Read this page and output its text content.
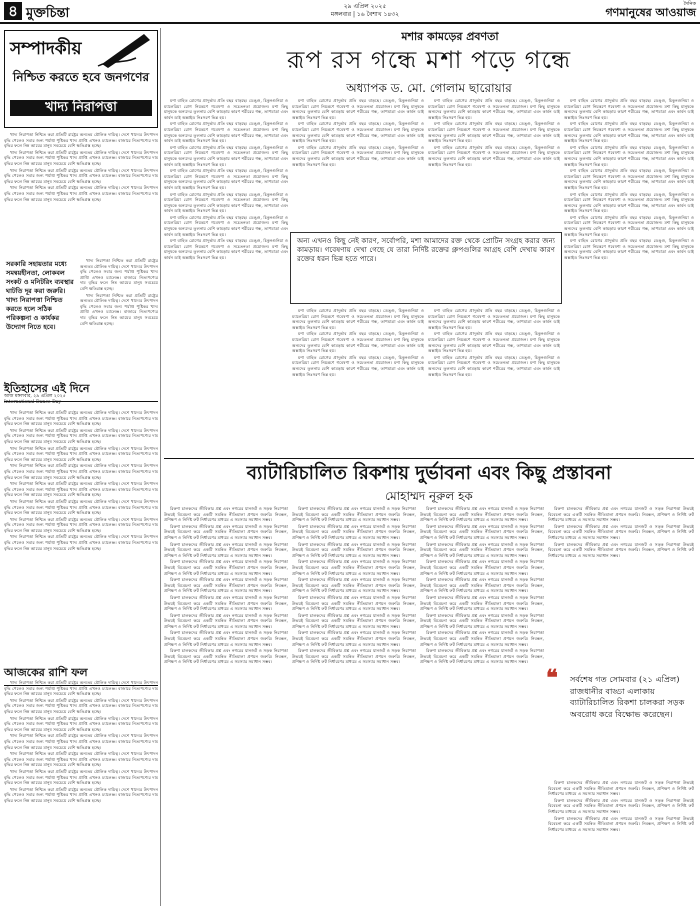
৪ মুক্তচিন্তা	২৯ এপ্রিল ২০২৫
মঙ্গলবার | ১৬ বৈশাখ ১৪৩২
দৈনিক
গণমানুষের আওয়াজ
সম্পাদকীয়
নিশ্চিত করতে হবে জনগণের
খাদ্য নিরাপত্তা

খাদ্য নিরাপত্তা নিশ্চিত করা প্রতিটি রাষ্ট্রের অন্যতম মৌলিক দায়িত্ব। দেশে খাদ্যের উৎপাদন বৃদ্ধি পেলেও সবার জন্য পর্যাপ্ত পুষ্টিকর খাদ্য প্রাপ্তি এখনও চ্যালেঞ্জ। বাজারে নিত্যপণ্যের দাম বৃদ্ধির ফলে নিম্ন আয়ের মানুষ সবচেয়ে বেশি ক্ষতিগ্রস্ত হচ্ছে।

খাদ্য নিরাপত্তা নিশ্চিত করা প্রতিটি রাষ্ট্রের অন্যতম মৌলিক দায়িত্ব। দেশে খাদ্যের উৎপাদন বৃদ্ধি পেলেও সবার জন্য পর্যাপ্ত পুষ্টিকর খাদ্য প্রাপ্তি এখনও চ্যালেঞ্জ। বাজারে নিত্যপণ্যের দাম বৃদ্ধির ফলে নিম্ন আয়ের মানুষ সবচেয়ে বেশি ক্ষতিগ্রস্ত হচ্ছে।

খাদ্য নিরাপত্তা নিশ্চিত করা প্রতিটি রাষ্ট্রের অন্যতম মৌলিক দায়িত্ব। দেশে খাদ্যের উৎপাদন বৃদ্ধি পেলেও সবার জন্য পর্যাপ্ত পুষ্টিকর খাদ্য প্রাপ্তি এখনও চ্যালেঞ্জ। বাজারে নিত্যপণ্যের দাম বৃদ্ধির ফলে নিম্ন আয়ের মানুষ সবচেয়ে বেশি ক্ষতিগ্রস্ত হচ্ছে।

খাদ্য নিরাপত্তা নিশ্চিত করা প্রতিটি রাষ্ট্রের অন্যতম মৌলিক দায়িত্ব। দেশে খাদ্যের উৎপাদন বৃদ্ধি পেলেও সবার জন্য পর্যাপ্ত পুষ্টিকর খাদ্য প্রাপ্তি এখনও চ্যালেঞ্জ। বাজারে নিত্যপণ্যের দাম বৃদ্ধির ফলে নিম্ন আয়ের মানুষ সবচেয়ে বেশি ক্ষতিগ্রস্ত হচ্ছে।

সরকারি সহায়তার মধ্যে সমন্বয়হীনতা, লোকবল সংকট ও মনিটরিং ব্যবস্থার ঘাটতি দূর করা জরুরি। খাদ্য নিরাপত্তা নিশ্চিত করতে হলে সঠিক পরিকল্পনা ও কার্যকর উদ্যোগ নিতে হবে।

খাদ্য নিরাপত্তা নিশ্চিত করা প্রতিটি রাষ্ট্রের অন্যতম মৌলিক দায়িত্ব। দেশে খাদ্যের উৎপাদন বৃদ্ধি পেলেও সবার জন্য পর্যাপ্ত পুষ্টিকর খাদ্য প্রাপ্তি এখনও চ্যালেঞ্জ। বাজারে নিত্যপণ্যের দাম বৃদ্ধির ফলে নিম্ন আয়ের মানুষ সবচেয়ে বেশি ক্ষতিগ্রস্ত হচ্ছে।

খাদ্য নিরাপত্তা নিশ্চিত করা প্রতিটি রাষ্ট্রের অন্যতম মৌলিক দায়িত্ব। দেশে খাদ্যের উৎপাদন বৃদ্ধি পেলেও সবার জন্য পর্যাপ্ত পুষ্টিকর খাদ্য প্রাপ্তি এখনও চ্যালেঞ্জ। বাজারে নিত্যপণ্যের দাম বৃদ্ধির ফলে নিম্ন আয়ের মানুষ সবচেয়ে বেশি ক্ষতিগ্রস্ত হচ্ছে।

ইতিহাসের এই দিনে
আজ মঙ্গলবার, ২৯ এপ্রিল ২০২৫
International Dance Day

খাদ্য নিরাপত্তা নিশ্চিত করা প্রতিটি রাষ্ট্রের অন্যতম মৌলিক দায়িত্ব। দেশে খাদ্যের উৎপাদন বৃদ্ধি পেলেও সবার জন্য পর্যাপ্ত পুষ্টিকর খাদ্য প্রাপ্তি এখনও চ্যালেঞ্জ। বাজারে নিত্যপণ্যের দাম বৃদ্ধির ফলে নিম্ন আয়ের মানুষ সবচেয়ে বেশি ক্ষতিগ্রস্ত হচ্ছে।

খাদ্য নিরাপত্তা নিশ্চিত করা প্রতিটি রাষ্ট্রের অন্যতম মৌলিক দায়িত্ব। দেশে খাদ্যের উৎপাদন বৃদ্ধি পেলেও সবার জন্য পর্যাপ্ত পুষ্টিকর খাদ্য প্রাপ্তি এখনও চ্যালেঞ্জ। বাজারে নিত্যপণ্যের দাম বৃদ্ধির ফলে নিম্ন আয়ের মানুষ সবচেয়ে বেশি ক্ষতিগ্রস্ত হচ্ছে।

খাদ্য নিরাপত্তা নিশ্চিত করা প্রতিটি রাষ্ট্রের অন্যতম মৌলিক দায়িত্ব। দেশে খাদ্যের উৎপাদন বৃদ্ধি পেলেও সবার জন্য পর্যাপ্ত পুষ্টিকর খাদ্য প্রাপ্তি এখনও চ্যালেঞ্জ। বাজারে নিত্যপণ্যের দাম বৃদ্ধির ফলে নিম্ন আয়ের মানুষ সবচেয়ে বেশি ক্ষতিগ্রস্ত হচ্ছে।

খাদ্য নিরাপত্তা নিশ্চিত করা প্রতিটি রাষ্ট্রের অন্যতম মৌলিক দায়িত্ব। দেশে খাদ্যের উৎপাদন বৃদ্ধি পেলেও সবার জন্য পর্যাপ্ত পুষ্টিকর খাদ্য প্রাপ্তি এখনও চ্যালেঞ্জ। বাজারে নিত্যপণ্যের দাম বৃদ্ধির ফলে নিম্ন আয়ের মানুষ সবচেয়ে বেশি ক্ষতিগ্রস্ত হচ্ছে।

খাদ্য নিরাপত্তা নিশ্চিত করা প্রতিটি রাষ্ট্রের অন্যতম মৌলিক দায়িত্ব। দেশে খাদ্যের উৎপাদন বৃদ্ধি পেলেও সবার জন্য পর্যাপ্ত পুষ্টিকর খাদ্য প্রাপ্তি এখনও চ্যালেঞ্জ। বাজারে নিত্যপণ্যের দাম বৃদ্ধির ফলে নিম্ন আয়ের মানুষ সবচেয়ে বেশি ক্ষতিগ্রস্ত হচ্ছে।

খাদ্য নিরাপত্তা নিশ্চিত করা প্রতিটি রাষ্ট্রের অন্যতম মৌলিক দায়িত্ব। দেশে খাদ্যের উৎপাদন বৃদ্ধি পেলেও সবার জন্য পর্যাপ্ত পুষ্টিকর খাদ্য প্রাপ্তি এখনও চ্যালেঞ্জ। বাজারে নিত্যপণ্যের দাম বৃদ্ধির ফলে নিম্ন আয়ের মানুষ সবচেয়ে বেশি ক্ষতিগ্রস্ত হচ্ছে।

খাদ্য নিরাপত্তা নিশ্চিত করা প্রতিটি রাষ্ট্রের অন্যতম মৌলিক দায়িত্ব। দেশে খাদ্যের উৎপাদন বৃদ্ধি পেলেও সবার জন্য পর্যাপ্ত পুষ্টিকর খাদ্য প্রাপ্তি এখনও চ্যালেঞ্জ। বাজারে নিত্যপণ্যের দাম বৃদ্ধির ফলে নিম্ন আয়ের মানুষ সবচেয়ে বেশি ক্ষতিগ্রস্ত হচ্ছে।

খাদ্য নিরাপত্তা নিশ্চিত করা প্রতিটি রাষ্ট্রের অন্যতম মৌলিক দায়িত্ব। দেশে খাদ্যের উৎপাদন বৃদ্ধি পেলেও সবার জন্য পর্যাপ্ত পুষ্টিকর খাদ্য প্রাপ্তি এখনও চ্যালেঞ্জ। বাজারে নিত্যপণ্যের দাম বৃদ্ধির ফলে নিম্ন আয়ের মানুষ সবচেয়ে বেশি ক্ষতিগ্রস্ত হচ্ছে।

আজকের রাশি ফল

খাদ্য নিরাপত্তা নিশ্চিত করা প্রতিটি রাষ্ট্রের অন্যতম মৌলিক দায়িত্ব। দেশে খাদ্যের উৎপাদন বৃদ্ধি পেলেও সবার জন্য পর্যাপ্ত পুষ্টিকর খাদ্য প্রাপ্তি এখনও চ্যালেঞ্জ। বাজারে নিত্যপণ্যের দাম বৃদ্ধির ফলে নিম্ন আয়ের মানুষ সবচেয়ে বেশি ক্ষতিগ্রস্ত হচ্ছে।

খাদ্য নিরাপত্তা নিশ্চিত করা প্রতিটি রাষ্ট্রের অন্যতম মৌলিক দায়িত্ব। দেশে খাদ্যের উৎপাদন বৃদ্ধি পেলেও সবার জন্য পর্যাপ্ত পুষ্টিকর খাদ্য প্রাপ্তি এখনও চ্যালেঞ্জ। বাজারে নিত্যপণ্যের দাম বৃদ্ধির ফলে নিম্ন আয়ের মানুষ সবচেয়ে বেশি ক্ষতিগ্রস্ত হচ্ছে।

খাদ্য নিরাপত্তা নিশ্চিত করা প্রতিটি রাষ্ট্রের অন্যতম মৌলিক দায়িত্ব। দেশে খাদ্যের উৎপাদন বৃদ্ধি পেলেও সবার জন্য পর্যাপ্ত পুষ্টিকর খাদ্য প্রাপ্তি এখনও চ্যালেঞ্জ। বাজারে নিত্যপণ্যের দাম বৃদ্ধির ফলে নিম্ন আয়ের মানুষ সবচেয়ে বেশি ক্ষতিগ্রস্ত হচ্ছে।

খাদ্য নিরাপত্তা নিশ্চিত করা প্রতিটি রাষ্ট্রের অন্যতম মৌলিক দায়িত্ব। দেশে খাদ্যের উৎপাদন বৃদ্ধি পেলেও সবার জন্য পর্যাপ্ত পুষ্টিকর খাদ্য প্রাপ্তি এখনও চ্যালেঞ্জ। বাজারে নিত্যপণ্যের দাম বৃদ্ধির ফলে নিম্ন আয়ের মানুষ সবচেয়ে বেশি ক্ষতিগ্রস্ত হচ্ছে।

খাদ্য নিরাপত্তা নিশ্চিত করা প্রতিটি রাষ্ট্রের অন্যতম মৌলিক দায়িত্ব। দেশে খাদ্যের উৎপাদন বৃদ্ধি পেলেও সবার জন্য পর্যাপ্ত পুষ্টিকর খাদ্য প্রাপ্তি এখনও চ্যালেঞ্জ। বাজারে নিত্যপণ্যের দাম বৃদ্ধির ফলে নিম্ন আয়ের মানুষ সবচেয়ে বেশি ক্ষতিগ্রস্ত হচ্ছে।

খাদ্য নিরাপত্তা নিশ্চিত করা প্রতিটি রাষ্ট্রের অন্যতম মৌলিক দায়িত্ব। দেশে খাদ্যের উৎপাদন বৃদ্ধি পেলেও সবার জন্য পর্যাপ্ত পুষ্টিকর খাদ্য প্রাপ্তি এখনও চ্যালেঞ্জ। বাজারে নিত্যপণ্যের দাম বৃদ্ধির ফলে নিম্ন আয়ের মানুষ সবচেয়ে বেশি ক্ষতিগ্রস্ত হচ্ছে।

খাদ্য নিরাপত্তা নিশ্চিত করা প্রতিটি রাষ্ট্রের অন্যতম মৌলিক দায়িত্ব। দেশে খাদ্যের উৎপাদন বৃদ্ধি পেলেও সবার জন্য পর্যাপ্ত পুষ্টিকর খাদ্য প্রাপ্তি এখনও চ্যালেঞ্জ। বাজারে নিত্যপণ্যের দাম বৃদ্ধির ফলে নিম্ন আয়ের মানুষ সবচেয়ে বেশি ক্ষতিগ্রস্ত হচ্ছে।

মশার কামড়ের প্রবণতা
রূপ রস গন্ধে মশা পড়ে গন্ধে
অধ্যাপক ড. মো. গোলাম ছারোয়ার

মশা বাহিত রোগের প্রাদুর্ভাব প্রতি বছর বাড়ছে। ডেঙ্গু, চিকুনগুনিয়া ও ম্যালেরিয়া রোগ নিয়ন্ত্রণে গবেষণা ও সচেতনতা প্রয়োজন। মশা কিছু মানুষকে অন্যদের তুলনায় বেশি কামড়ায় কারণ শরীরের গন্ধ, তাপমাত্রা এবং কার্বন ডাই অক্সাইড নিঃসরণ ভিন্ন হয়।

মশা বাহিত রোগের প্রাদুর্ভাব প্রতি বছর বাড়ছে। ডেঙ্গু, চিকুনগুনিয়া ও ম্যালেরিয়া রোগ নিয়ন্ত্রণে গবেষণা ও সচেতনতা প্রয়োজন। মশা কিছু মানুষকে অন্যদের তুলনায় বেশি কামড়ায় কারণ শরীরের গন্ধ, তাপমাত্রা এবং কার্বন ডাই অক্সাইড নিঃসরণ ভিন্ন হয়।

মশা বাহিত রোগের প্রাদুর্ভাব প্রতি বছর বাড়ছে। ডেঙ্গু, চিকুনগুনিয়া ও ম্যালেরিয়া রোগ নিয়ন্ত্রণে গবেষণা ও সচেতনতা প্রয়োজন। মশা কিছু মানুষকে অন্যদের তুলনায় বেশি কামড়ায় কারণ শরীরের গন্ধ, তাপমাত্রা এবং কার্বন ডাই অক্সাইড নিঃসরণ ভিন্ন হয়।

মশা বাহিত রোগের প্রাদুর্ভাব প্রতি বছর বাড়ছে। ডেঙ্গু, চিকুনগুনিয়া ও ম্যালেরিয়া রোগ নিয়ন্ত্রণে গবেষণা ও সচেতনতা প্রয়োজন। মশা কিছু মানুষকে অন্যদের তুলনায় বেশি কামড়ায় কারণ শরীরের গন্ধ, তাপমাত্রা এবং কার্বন ডাই অক্সাইড নিঃসরণ ভিন্ন হয়।

মশা বাহিত রোগের প্রাদুর্ভাব প্রতি বছর বাড়ছে। ডেঙ্গু, চিকুনগুনিয়া ও ম্যালেরিয়া রোগ নিয়ন্ত্রণে গবেষণা ও সচেতনতা প্রয়োজন। মশা কিছু মানুষকে অন্যদের তুলনায় বেশি কামড়ায় কারণ শরীরের গন্ধ, তাপমাত্রা এবং কার্বন ডাই অক্সাইড নিঃসরণ ভিন্ন হয়।

মশা বাহিত রোগের প্রাদুর্ভাব প্রতি বছর বাড়ছে। ডেঙ্গু, চিকুনগুনিয়া ও ম্যালেরিয়া রোগ নিয়ন্ত্রণে গবেষণা ও সচেতনতা প্রয়োজন। মশা কিছু মানুষকে অন্যদের তুলনায় বেশি কামড়ায় কারণ শরীরের গন্ধ, তাপমাত্রা এবং কার্বন ডাই অক্সাইড নিঃসরণ ভিন্ন হয়।

মশা বাহিত রোগের প্রাদুর্ভাব প্রতি বছর বাড়ছে। ডেঙ্গু, চিকুনগুনিয়া ও ম্যালেরিয়া রোগ নিয়ন্ত্রণে গবেষণা ও সচেতনতা প্রয়োজন। মশা কিছু মানুষকে অন্যদের তুলনায় বেশি কামড়ায় কারণ শরীরের গন্ধ, তাপমাত্রা এবং কার্বন ডাই অক্সাইড নিঃসরণ ভিন্ন হয়।

মশা বাহিত রোগের প্রাদুর্ভাব প্রতি বছর বাড়ছে। ডেঙ্গু, চিকুনগুনিয়া ও ম্যালেরিয়া রোগ নিয়ন্ত্রণে গবেষণা ও সচেতনতা প্রয়োজন। মশা কিছু মানুষকে অন্যদের তুলনায় বেশি কামড়ায় কারণ শরীরের গন্ধ, তাপমাত্রা এবং কার্বন ডাই অক্সাইড নিঃসরণ ভিন্ন হয়।

মশা বাহিত রোগের প্রাদুর্ভাব প্রতি বছর বাড়ছে। ডেঙ্গু, চিকুনগুনিয়া ও ম্যালেরিয়া রোগ নিয়ন্ত্রণে গবেষণা ও সচেতনতা প্রয়োজন। মশা কিছু মানুষকে অন্যদের তুলনায় বেশি কামড়ায় কারণ শরীরের গন্ধ, তাপমাত্রা এবং কার্বন ডাই অক্সাইড নিঃসরণ ভিন্ন হয়।

মশা বাহিত রোগের প্রাদুর্ভাব প্রতি বছর বাড়ছে। ডেঙ্গু, চিকুনগুনিয়া ও ম্যালেরিয়া রোগ নিয়ন্ত্রণে গবেষণা ও সচেতনতা প্রয়োজন। মশা কিছু মানুষকে অন্যদের তুলনায় বেশি কামড়ায় কারণ শরীরের গন্ধ, তাপমাত্রা এবং কার্বন ডাই অক্সাইড নিঃসরণ ভিন্ন হয়।

মশা বাহিত রোগের প্রাদুর্ভাব প্রতি বছর বাড়ছে। ডেঙ্গু, চিকুনগুনিয়া ও ম্যালেরিয়া রোগ নিয়ন্ত্রণে গবেষণা ও সচেতনতা প্রয়োজন। মশা কিছু মানুষকে অন্যদের তুলনায় বেশি কামড়ায় কারণ শরীরের গন্ধ, তাপমাত্রা এবং কার্বন ডাই অক্সাইড নিঃসরণ ভিন্ন হয়।

মশা বাহিত রোগের প্রাদুর্ভাব প্রতি বছর বাড়ছে। ডেঙ্গু, চিকুনগুনিয়া ও ম্যালেরিয়া রোগ নিয়ন্ত্রণে গবেষণা ও সচেতনতা প্রয়োজন। মশা কিছু মানুষকে অন্যদের তুলনায় বেশি কামড়ায় কারণ শরীরের গন্ধ, তাপমাত্রা এবং কার্বন ডাই অক্সাইড নিঃসরণ ভিন্ন হয়।

মশা বাহিত রোগের প্রাদুর্ভাব প্রতি বছর বাড়ছে। ডেঙ্গু, চিকুনগুনিয়া ও ম্যালেরিয়া রোগ নিয়ন্ত্রণে গবেষণা ও সচেতনতা প্রয়োজন। মশা কিছু মানুষকে অন্যদের তুলনায় বেশি কামড়ায় কারণ শরীরের গন্ধ, তাপমাত্রা এবং কার্বন ডাই অক্সাইড নিঃসরণ ভিন্ন হয়।

মশা বাহিত রোগের প্রাদুর্ভাব প্রতি বছর বাড়ছে। ডেঙ্গু, চিকুনগুনিয়া ও ম্যালেরিয়া রোগ নিয়ন্ত্রণে গবেষণা ও সচেতনতা প্রয়োজন। মশা কিছু মানুষকে অন্যদের তুলনায় বেশি কামড়ায় কারণ শরীরের গন্ধ, তাপমাত্রা এবং কার্বন ডাই অক্সাইড নিঃসরণ ভিন্ন হয়।

মশা বাহিত রোগের প্রাদুর্ভাব প্রতি বছর বাড়ছে। ডেঙ্গু, চিকুনগুনিয়া ও ম্যালেরিয়া রোগ নিয়ন্ত্রণে গবেষণা ও সচেতনতা প্রয়োজন। মশা কিছু মানুষকে অন্যদের তুলনায় বেশি কামড়ায় কারণ শরীরের গন্ধ, তাপমাত্রা এবং কার্বন ডাই অক্সাইড নিঃসরণ ভিন্ন হয়।

মশা বাহিত রোগের প্রাদুর্ভাব প্রতি বছর বাড়ছে। ডেঙ্গু, চিকুনগুনিয়া ও ম্যালেরিয়া রোগ নিয়ন্ত্রণে গবেষণা ও সচেতনতা প্রয়োজন। মশা কিছু মানুষকে অন্যদের তুলনায় বেশি কামড়ায় কারণ শরীরের গন্ধ, তাপমাত্রা এবং কার্বন ডাই অক্সাইড নিঃসরণ ভিন্ন হয়।

মশা বাহিত রোগের প্রাদুর্ভাব প্রতি বছর বাড়ছে। ডেঙ্গু, চিকুনগুনিয়া ও ম্যালেরিয়া রোগ নিয়ন্ত্রণে গবেষণা ও সচেতনতা প্রয়োজন। মশা কিছু মানুষকে অন্যদের তুলনায় বেশি কামড়ায় কারণ শরীরের গন্ধ, তাপমাত্রা এবং কার্বন ডাই অক্সাইড নিঃসরণ ভিন্ন হয়।

মশা বাহিত রোগের প্রাদুর্ভাব প্রতি বছর বাড়ছে। ডেঙ্গু, চিকুনগুনিয়া ও ম্যালেরিয়া রোগ নিয়ন্ত্রণে গবেষণা ও সচেতনতা প্রয়োজন। মশা কিছু মানুষকে অন্যদের তুলনায় বেশি কামড়ায় কারণ শরীরের গন্ধ, তাপমাত্রা এবং কার্বন ডাই অক্সাইড নিঃসরণ ভিন্ন হয়।

মশা বাহিত রোগের প্রাদুর্ভাব প্রতি বছর বাড়ছে। ডেঙ্গু, চিকুনগুনিয়া ও ম্যালেরিয়া রোগ নিয়ন্ত্রণে গবেষণা ও সচেতনতা প্রয়োজন। মশা কিছু মানুষকে অন্যদের তুলনায় বেশি কামড়ায় কারণ শরীরের গন্ধ, তাপমাত্রা এবং কার্বন ডাই অক্সাইড নিঃসরণ ভিন্ন হয়।

মশা বাহিত রোগের প্রাদুর্ভাব প্রতি বছর বাড়ছে। ডেঙ্গু, চিকুনগুনিয়া ও ম্যালেরিয়া রোগ নিয়ন্ত্রণে গবেষণা ও সচেতনতা প্রয়োজন। মশা কিছু মানুষকে অন্যদের তুলনায় বেশি কামড়ায় কারণ শরীরের গন্ধ, তাপমাত্রা এবং কার্বন ডাই অক্সাইড নিঃসরণ ভিন্ন হয়।

অন্য এখনও কিছু নেই কারণ, সর্বোপরি, মশা আমাদের রক্ত থেকে প্রোটিন সংগ্রহ করার জন্য কামড়ায়। গবেষণায় দেখা গেছে যে তারা নির্দিষ্ট রক্তের গ্রুপগুলির আগ্রহ বেশি দেখায় কারণ রক্তের ধরন ভিন্ন হতে পারে।

মশা বাহিত রোগের প্রাদুর্ভাব প্রতি বছর বাড়ছে। ডেঙ্গু, চিকুনগুনিয়া ও ম্যালেরিয়া রোগ নিয়ন্ত্রণে গবেষণা ও সচেতনতা প্রয়োজন। মশা কিছু মানুষকে অন্যদের তুলনায় বেশি কামড়ায় কারণ শরীরের গন্ধ, তাপমাত্রা এবং কার্বন ডাই অক্সাইড নিঃসরণ ভিন্ন হয়।

মশা বাহিত রোগের প্রাদুর্ভাব প্রতি বছর বাড়ছে। ডেঙ্গু, চিকুনগুনিয়া ও ম্যালেরিয়া রোগ নিয়ন্ত্রণে গবেষণা ও সচেতনতা প্রয়োজন। মশা কিছু মানুষকে অন্যদের তুলনায় বেশি কামড়ায় কারণ শরীরের গন্ধ, তাপমাত্রা এবং কার্বন ডাই অক্সাইড নিঃসরণ ভিন্ন হয়।

মশা বাহিত রোগের প্রাদুর্ভাব প্রতি বছর বাড়ছে। ডেঙ্গু, চিকুনগুনিয়া ও ম্যালেরিয়া রোগ নিয়ন্ত্রণে গবেষণা ও সচেতনতা প্রয়োজন। মশা কিছু মানুষকে অন্যদের তুলনায় বেশি কামড়ায় কারণ শরীরের গন্ধ, তাপমাত্রা এবং কার্বন ডাই অক্সাইড নিঃসরণ ভিন্ন হয়।

মশা বাহিত রোগের প্রাদুর্ভাব প্রতি বছর বাড়ছে। ডেঙ্গু, চিকুনগুনিয়া ও ম্যালেরিয়া রোগ নিয়ন্ত্রণে গবেষণা ও সচেতনতা প্রয়োজন। মশা কিছু মানুষকে অন্যদের তুলনায় বেশি কামড়ায় কারণ শরীরের গন্ধ, তাপমাত্রা এবং কার্বন ডাই অক্সাইড নিঃসরণ ভিন্ন হয়।

মশা বাহিত রোগের প্রাদুর্ভাব প্রতি বছর বাড়ছে। ডেঙ্গু, চিকুনগুনিয়া ও ম্যালেরিয়া রোগ নিয়ন্ত্রণে গবেষণা ও সচেতনতা প্রয়োজন। মশা কিছু মানুষকে অন্যদের তুলনায় বেশি কামড়ায় কারণ শরীরের গন্ধ, তাপমাত্রা এবং কার্বন ডাই অক্সাইড নিঃসরণ ভিন্ন হয়।

মশা বাহিত রোগের প্রাদুর্ভাব প্রতি বছর বাড়ছে। ডেঙ্গু, চিকুনগুনিয়া ও ম্যালেরিয়া রোগ নিয়ন্ত্রণে গবেষণা ও সচেতনতা প্রয়োজন। মশা কিছু মানুষকে অন্যদের তুলনায় বেশি কামড়ায় কারণ শরীরের গন্ধ, তাপমাত্রা এবং কার্বন ডাই অক্সাইড নিঃসরণ ভিন্ন হয়।

ব্যাটারিচালিত রিকশায় দুর্ভাবনা এবং কিছু প্রস্তাবনা
মোহাম্মদ নূরুল হক

রিকশা চালকদের জীবিকার প্রশ্ন এবং নগরের যানজট ও সড়ক নিরাপত্তা উভয়ই বিবেচনা করে একটি সমন্বিত নীতিমালা প্রণয়ন জরুরি। নিবন্ধন, প্রশিক্ষণ ও নির্দিষ্ট রুট নির্ধারণের মাধ্যমে এ সমস্যার সমাধান সম্ভব।

রিকশা চালকদের জীবিকার প্রশ্ন এবং নগরের যানজট ও সড়ক নিরাপত্তা উভয়ই বিবেচনা করে একটি সমন্বিত নীতিমালা প্রণয়ন জরুরি। নিবন্ধন, প্রশিক্ষণ ও নির্দিষ্ট রুট নির্ধারণের মাধ্যমে এ সমস্যার সমাধান সম্ভব।

রিকশা চালকদের জীবিকার প্রশ্ন এবং নগরের যানজট ও সড়ক নিরাপত্তা উভয়ই বিবেচনা করে একটি সমন্বিত নীতিমালা প্রণয়ন জরুরি। নিবন্ধন, প্রশিক্ষণ ও নির্দিষ্ট রুট নির্ধারণের মাধ্যমে এ সমস্যার সমাধান সম্ভব।

রিকশা চালকদের জীবিকার প্রশ্ন এবং নগরের যানজট ও সড়ক নিরাপত্তা উভয়ই বিবেচনা করে একটি সমন্বিত নীতিমালা প্রণয়ন জরুরি। নিবন্ধন, প্রশিক্ষণ ও নির্দিষ্ট রুট নির্ধারণের মাধ্যমে এ সমস্যার সমাধান সম্ভব।

রিকশা চালকদের জীবিকার প্রশ্ন এবং নগরের যানজট ও সড়ক নিরাপত্তা উভয়ই বিবেচনা করে একটি সমন্বিত নীতিমালা প্রণয়ন জরুরি। নিবন্ধন, প্রশিক্ষণ ও নির্দিষ্ট রুট নির্ধারণের মাধ্যমে এ সমস্যার সমাধান সম্ভব।

রিকশা চালকদের জীবিকার প্রশ্ন এবং নগরের যানজট ও সড়ক নিরাপত্তা উভয়ই বিবেচনা করে একটি সমন্বিত নীতিমালা প্রণয়ন জরুরি। নিবন্ধন, প্রশিক্ষণ ও নির্দিষ্ট রুট নির্ধারণের মাধ্যমে এ সমস্যার সমাধান সম্ভব।

রিকশা চালকদের জীবিকার প্রশ্ন এবং নগরের যানজট ও সড়ক নিরাপত্তা উভয়ই বিবেচনা করে একটি সমন্বিত নীতিমালা প্রণয়ন জরুরি। নিবন্ধন, প্রশিক্ষণ ও নির্দিষ্ট রুট নির্ধারণের মাধ্যমে এ সমস্যার সমাধান সম্ভব।

রিকশা চালকদের জীবিকার প্রশ্ন এবং নগরের যানজট ও সড়ক নিরাপত্তা উভয়ই বিবেচনা করে একটি সমন্বিত নীতিমালা প্রণয়ন জরুরি। নিবন্ধন, প্রশিক্ষণ ও নির্দিষ্ট রুট নির্ধারণের মাধ্যমে এ সমস্যার সমাধান সম্ভব।

রিকশা চালকদের জীবিকার প্রশ্ন এবং নগরের যানজট ও সড়ক নিরাপত্তা উভয়ই বিবেচনা করে একটি সমন্বিত নীতিমালা প্রণয়ন জরুরি। নিবন্ধন, প্রশিক্ষণ ও নির্দিষ্ট রুট নির্ধারণের মাধ্যমে এ সমস্যার সমাধান সম্ভব।

রিকশা চালকদের জীবিকার প্রশ্ন এবং নগরের যানজট ও সড়ক নিরাপত্তা উভয়ই বিবেচনা করে একটি সমন্বিত নীতিমালা প্রণয়ন জরুরি। নিবন্ধন, প্রশিক্ষণ ও নির্দিষ্ট রুট নির্ধারণের মাধ্যমে এ সমস্যার সমাধান সম্ভব।

রিকশা চালকদের জীবিকার প্রশ্ন এবং নগরের যানজট ও সড়ক নিরাপত্তা উভয়ই বিবেচনা করে একটি সমন্বিত নীতিমালা প্রণয়ন জরুরি। নিবন্ধন, প্রশিক্ষণ ও নির্দিষ্ট রুট নির্ধারণের মাধ্যমে এ সমস্যার সমাধান সম্ভব।

রিকশা চালকদের জীবিকার প্রশ্ন এবং নগরের যানজট ও সড়ক নিরাপত্তা উভয়ই বিবেচনা করে একটি সমন্বিত নীতিমালা প্রণয়ন জরুরি। নিবন্ধন, প্রশিক্ষণ ও নির্দিষ্ট রুট নির্ধারণের মাধ্যমে এ সমস্যার সমাধান সম্ভব।

রিকশা চালকদের জীবিকার প্রশ্ন এবং নগরের যানজট ও সড়ক নিরাপত্তা উভয়ই বিবেচনা করে একটি সমন্বিত নীতিমালা প্রণয়ন জরুরি। নিবন্ধন, প্রশিক্ষণ ও নির্দিষ্ট রুট নির্ধারণের মাধ্যমে এ সমস্যার সমাধান সম্ভব।

রিকশা চালকদের জীবিকার প্রশ্ন এবং নগরের যানজট ও সড়ক নিরাপত্তা উভয়ই বিবেচনা করে একটি সমন্বিত নীতিমালা প্রণয়ন জরুরি। নিবন্ধন, প্রশিক্ষণ ও নির্দিষ্ট রুট নির্ধারণের মাধ্যমে এ সমস্যার সমাধান সম্ভব।

রিকশা চালকদের জীবিকার প্রশ্ন এবং নগরের যানজট ও সড়ক নিরাপত্তা উভয়ই বিবেচনা করে একটি সমন্বিত নীতিমালা প্রণয়ন জরুরি। নিবন্ধন, প্রশিক্ষণ ও নির্দিষ্ট রুট নির্ধারণের মাধ্যমে এ সমস্যার সমাধান সম্ভব।

রিকশা চালকদের জীবিকার প্রশ্ন এবং নগরের যানজট ও সড়ক নিরাপত্তা উভয়ই বিবেচনা করে একটি সমন্বিত নীতিমালা প্রণয়ন জরুরি। নিবন্ধন, প্রশিক্ষণ ও নির্দিষ্ট রুট নির্ধারণের মাধ্যমে এ সমস্যার সমাধান সম্ভব।

রিকশা চালকদের জীবিকার প্রশ্ন এবং নগরের যানজট ও সড়ক নিরাপত্তা উভয়ই বিবেচনা করে একটি সমন্বিত নীতিমালা প্রণয়ন জরুরি। নিবন্ধন, প্রশিক্ষণ ও নির্দিষ্ট রুট নির্ধারণের মাধ্যমে এ সমস্যার সমাধান সম্ভব।

রিকশা চালকদের জীবিকার প্রশ্ন এবং নগরের যানজট ও সড়ক নিরাপত্তা উভয়ই বিবেচনা করে একটি সমন্বিত নীতিমালা প্রণয়ন জরুরি। নিবন্ধন, প্রশিক্ষণ ও নির্দিষ্ট রুট নির্ধারণের মাধ্যমে এ সমস্যার সমাধান সম্ভব।

রিকশা চালকদের জীবিকার প্রশ্ন এবং নগরের যানজট ও সড়ক নিরাপত্তা উভয়ই বিবেচনা করে একটি সমন্বিত নীতিমালা প্রণয়ন জরুরি। নিবন্ধন, প্রশিক্ষণ ও নির্দিষ্ট রুট নির্ধারণের মাধ্যমে এ সমস্যার সমাধান সম্ভব।

রিকশা চালকদের জীবিকার প্রশ্ন এবং নগরের যানজট ও সড়ক নিরাপত্তা উভয়ই বিবেচনা করে একটি সমন্বিত নীতিমালা প্রণয়ন জরুরি। নিবন্ধন, প্রশিক্ষণ ও নির্দিষ্ট রুট নির্ধারণের মাধ্যমে এ সমস্যার সমাধান সম্ভব।

রিকশা চালকদের জীবিকার প্রশ্ন এবং নগরের যানজট ও সড়ক নিরাপত্তা উভয়ই বিবেচনা করে একটি সমন্বিত নীতিমালা প্রণয়ন জরুরি। নিবন্ধন, প্রশিক্ষণ ও নির্দিষ্ট রুট নির্ধারণের মাধ্যমে এ সমস্যার সমাধান সম্ভব।

রিকশা চালকদের জীবিকার প্রশ্ন এবং নগরের যানজট ও সড়ক নিরাপত্তা উভয়ই বিবেচনা করে একটি সমন্বিত নীতিমালা প্রণয়ন জরুরি। নিবন্ধন, প্রশিক্ষণ ও নির্দিষ্ট রুট নির্ধারণের মাধ্যমে এ সমস্যার সমাধান সম্ভব।

রিকশা চালকদের জীবিকার প্রশ্ন এবং নগরের যানজট ও সড়ক নিরাপত্তা উভয়ই বিবেচনা করে একটি সমন্বিত নীতিমালা প্রণয়ন জরুরি। নিবন্ধন, প্রশিক্ষণ ও নির্দিষ্ট রুট নির্ধারণের মাধ্যমে এ সমস্যার সমাধান সম্ভব।

রিকশা চালকদের জীবিকার প্রশ্ন এবং নগরের যানজট ও সড়ক নিরাপত্তা উভয়ই বিবেচনা করে একটি সমন্বিত নীতিমালা প্রণয়ন জরুরি। নিবন্ধন, প্রশিক্ষণ ও নির্দিষ্ট রুট নির্ধারণের মাধ্যমে এ সমস্যার সমাধান সম্ভব।

রিকশা চালকদের জীবিকার প্রশ্ন এবং নগরের যানজট ও সড়ক নিরাপত্তা উভয়ই বিবেচনা করে একটি সমন্বিত নীতিমালা প্রণয়ন জরুরি। নিবন্ধন, প্রশিক্ষণ ও নির্দিষ্ট রুট নির্ধারণের মাধ্যমে এ সমস্যার সমাধান সম্ভব।

রিকশা চালকদের জীবিকার প্রশ্ন এবং নগরের যানজট ও সড়ক নিরাপত্তা উভয়ই বিবেচনা করে একটি সমন্বিত নীতিমালা প্রণয়ন জরুরি। নিবন্ধন, প্রশিক্ষণ ও নির্দিষ্ট রুট নির্ধারণের মাধ্যমে এ সমস্যার সমাধান সম্ভব।

রিকশা চালকদের জীবিকার প্রশ্ন এবং নগরের যানজট ও সড়ক নিরাপত্তা উভয়ই বিবেচনা করে একটি সমন্বিত নীতিমালা প্রণয়ন জরুরি। নিবন্ধন, প্রশিক্ষণ ও নির্দিষ্ট রুট নির্ধারণের মাধ্যমে এ সমস্যার সমাধান সম্ভব।

রিকশা চালকদের জীবিকার প্রশ্ন এবং নগরের যানজট ও সড়ক নিরাপত্তা উভয়ই বিবেচনা করে একটি সমন্বিত নীতিমালা প্রণয়ন জরুরি। নিবন্ধন, প্রশিক্ষণ ও নির্দিষ্ট রুট নির্ধারণের মাধ্যমে এ সমস্যার সমাধান সম্ভব।

রিকশা চালকদের জীবিকার প্রশ্ন এবং নগরের যানজট ও সড়ক নিরাপত্তা উভয়ই বিবেচনা করে একটি সমন্বিত নীতিমালা প্রণয়ন জরুরি। নিবন্ধন, প্রশিক্ষণ ও নির্দিষ্ট রুট নির্ধারণের মাধ্যমে এ সমস্যার সমাধান সম্ভব।

রিকশা চালকদের জীবিকার প্রশ্ন এবং নগরের যানজট ও সড়ক নিরাপত্তা উভয়ই বিবেচনা করে একটি সমন্বিত নীতিমালা প্রণয়ন জরুরি। নিবন্ধন, প্রশিক্ষণ ও নির্দিষ্ট রুট নির্ধারণের মাধ্যমে এ সমস্যার সমাধান সম্ভব।

❝	সর্বশেষ গত সোমবার (২১ এপ্রিল) রাজধানীর বাড্ডা এলাকায় ব্যাটারিচালিত রিকশা চালকরা সড়ক অবরোধ করে বিক্ষোভ করেছেন।

রিকশা চালকদের জীবিকার প্রশ্ন এবং নগরের যানজট ও সড়ক নিরাপত্তা উভয়ই বিবেচনা করে একটি সমন্বিত নীতিমালা প্রণয়ন জরুরি। নিবন্ধন, প্রশিক্ষণ ও নির্দিষ্ট রুট নির্ধারণের মাধ্যমে এ সমস্যার সমাধান সম্ভব।

রিকশা চালকদের জীবিকার প্রশ্ন এবং নগরের যানজট ও সড়ক নিরাপত্তা উভয়ই বিবেচনা করে একটি সমন্বিত নীতিমালা প্রণয়ন জরুরি। নিবন্ধন, প্রশিক্ষণ ও নির্দিষ্ট রুট নির্ধারণের মাধ্যমে এ সমস্যার সমাধান সম্ভব।

রিকশা চালকদের জীবিকার প্রশ্ন এবং নগরের যানজট ও সড়ক নিরাপত্তা উভয়ই বিবেচনা করে একটি সমন্বিত নীতিমালা প্রণয়ন জরুরি। নিবন্ধন, প্রশিক্ষণ ও নির্দিষ্ট রুট নির্ধারণের মাধ্যমে এ সমস্যার সমাধান সম্ভব।
